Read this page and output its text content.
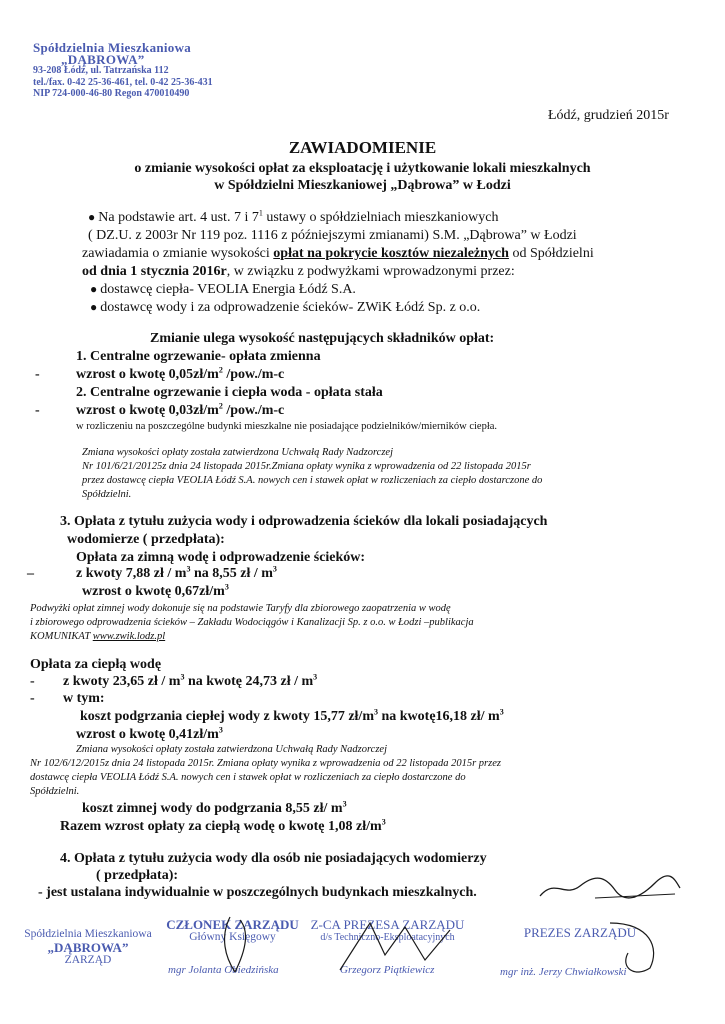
Spółdzielnia Mieszkaniowa
„DĄBROWA”
93-208 Łódź, ul. Tatrzańska 112
tel./fax. 0-42 25-36-461, tel. 0-42 25-36-431
NIP 724-000-46-80 Regon 470010490
Łódź, grudzień 2015r
ZAWIADOMIENIE
o zmianie wysokości opłat za eksploatację i użytkowanie lokali mieszkalnych
w Spółdzielni Mieszkaniowej „Dąbrowa” w Łodzi
● Na podstawie art. 4 ust. 7 i $7^1$ ustawy o spółdzielniach mieszkaniowych
( DZ.U. z 2003r Nr 119 poz. 1116 z późniejszymi zmianami) S.M. „Dąbrowa” w Łodzi
zawiadamia o zmianie wysokości opłat na pokrycie kosztów niezależnych od Spółdzielni
od dnia 1 stycznia 2016r, w związku z podwyżkami wprowadzonymi przez:
● dostawcę ciepła- VEOLIA Energia Łódź S.A.
● dostawcę wody i za odprowadzenie ścieków- ZWiK Łódź Sp. z o.o.
Zmianie ulega wysokość następujących składników opłat:
1. Centralne ogrzewanie- opłata zmienna
-	wzrost o kwotę $0,05zł/m^2$ /pow./m-c
2. Centralne ogrzewanie i ciepła woda - opłata stała
-	wzrost o kwotę $0,03zł/m^2$ /pow./m-c
w rozliczeniu na poszczególne budynki mieszkalne nie posiadające podzielników/mierników ciepła.
Zmiana wysokości opłaty została zatwierdzona Uchwałą Rady Nadzorczej
Nr 101/6/21/20125z dnia 24 listopada 2015r.Zmiana opłaty wynika z wprowadzenia od 22 listopada 2015r
przez dostawcę ciepła VEOLIA Łódź S.A. nowych cen i stawek opłat w rozliczeniach za ciepło dostarczone do
Spółdzielni.
3. Opłata z tytułu zużycia wody i odprowadzenia ścieków dla lokali posiadających
wodomierze ( przedpłata):
Opłata za zimną wodę i odprowadzenie ścieków:
–	z kwoty 7,88 zł / $m^3$ na 8,55 zł / $m^3$
wzrost o kwotę $0,67zł/m^3$
Podwyżki opłat zimnej wody dokonuje się na podstawie Taryfy dla zbiorowego zaopatrzenia w wodę
i zbiorowego odprowadzenia ścieków – Zakładu Wodociągów i Kanalizacji Sp. z o.o. w Łodzi –publikacja
KOMUNIKAT www.zwik.lodz.pl
Opłata za ciepłą wodę
- z kwoty 23,65 zł / $m^3$ na kwotę 24,73 zł / $m^3$
- w tym:
koszt podgrzania ciepłej wody z kwoty 15,77 $zł/m^3$ na kwotę16,18 zł/ $m^3$
wzrost o kwotę $0,41zł/m^3$
Zmiana wysokości opłaty została zatwierdzona Uchwałą Rady Nadzorczej
Nr 102/6/12/2015z dnia 24 listopada 2015r. Zmiana opłaty wynika z wprowadzenia od 22 listopada 2015r przez
dostawcę ciepła VEOLIA Łódź S.A. nowych cen i stawek opłat w rozliczeniach za ciepło dostarczone do
Spółdzielni.
koszt zimnej wody do podgrzania 8,55 zł/ $m^3$
Razem wzrost opłaty za ciepłą wodę o kwotę 1,08 $zł/m^3$
4. Opłata z tytułu zużycia wody dla osób nie posiadających wodomierzy
( przedpłata):
- jest ustalana indywidualnie w poszczególnych budynkach mieszkalnych.
Spółdzielnia Mieszkaniowa
„DĄBROWA”
ZARZĄD
CZŁONEK ZARZĄDU
Główny Księgowy
mgr Jolanta Obiedzińska
Z-CA PREZESA ZARZĄDU
d/s Techniczno-Eksploatacyjnych
Grzegorz Piątkiewicz
PREZES ZARZĄDU
mgr inż. Jerzy Chwiałkowski
